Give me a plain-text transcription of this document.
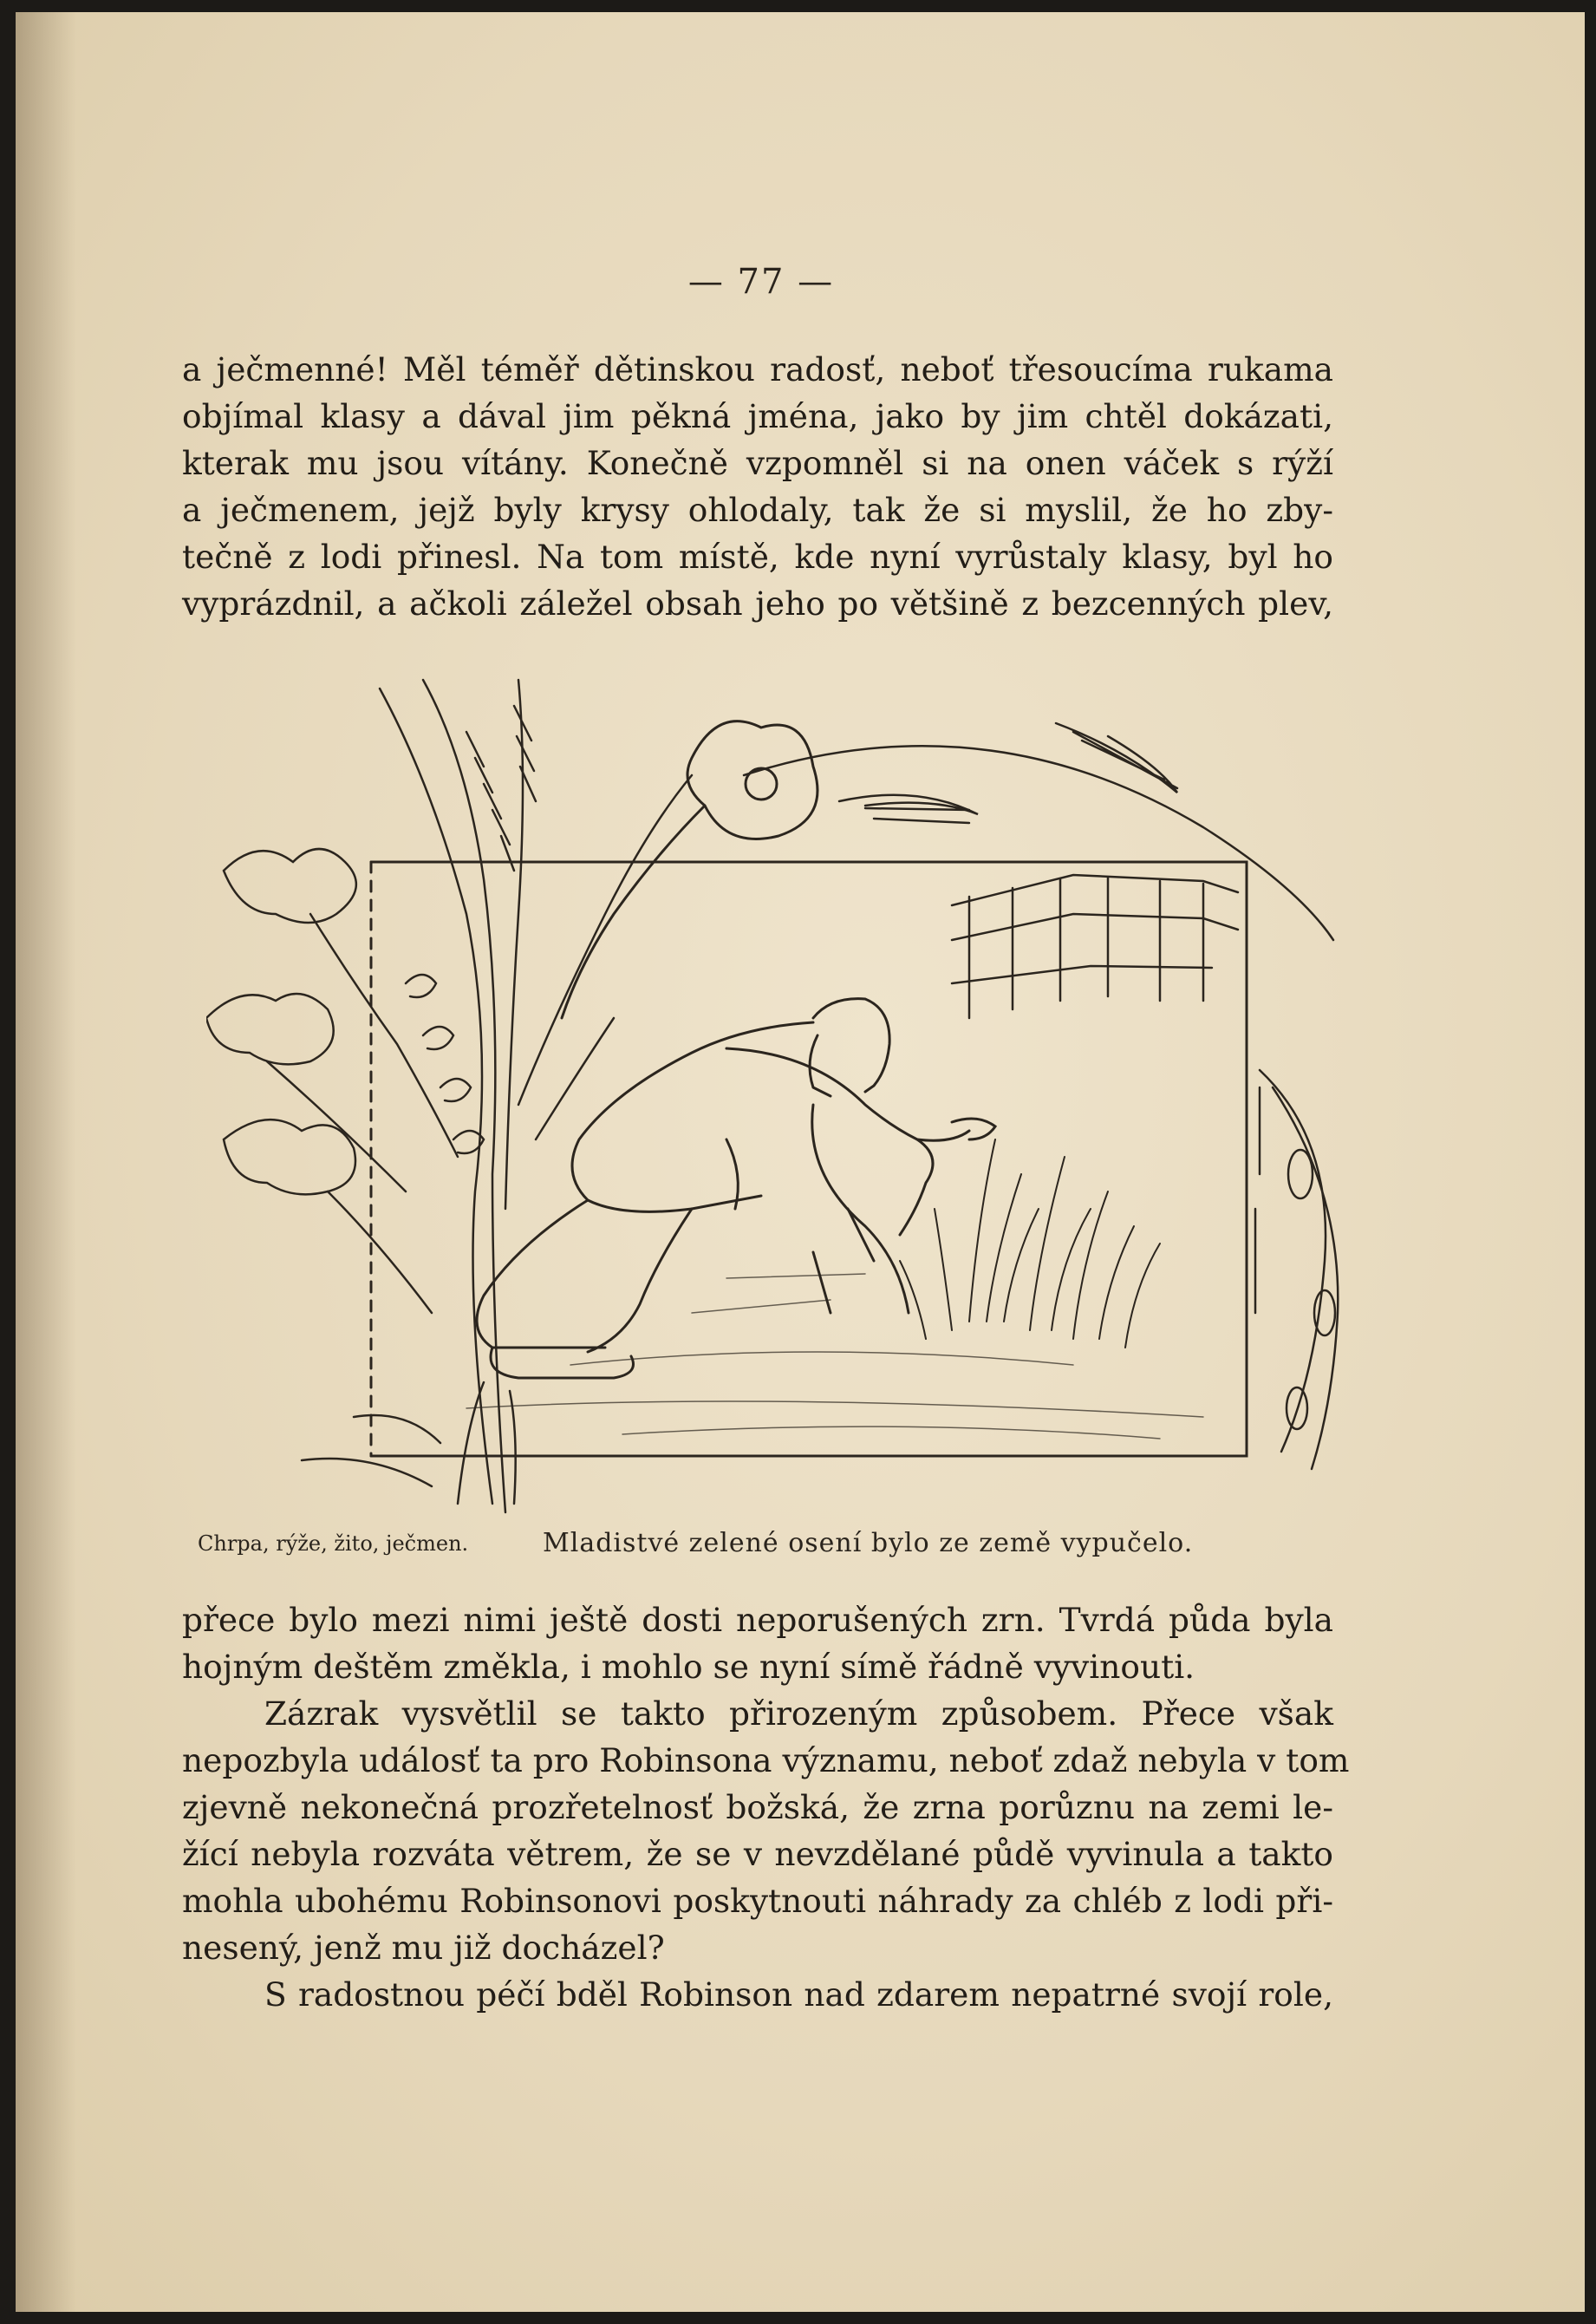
— 77 —
a ječmenné! Měl téměř dětinskou radosť, neboť třesoucíma rukama
objímal klasy a dával jim pěkná jména, jako by jim chtěl dokázati,
kterak mu jsou vítány. Konečně vzpomněl si na onen váček s rýží
a ječmenem, jejž byly krysy ohlodaly, tak že si myslil, že ho zby-
tečně z lodi přinesl. Na tom místě, kde nyní vyrůstaly klasy, byl ho
vyprázdnil, a ačkoli záležel obsah jeho po většině z bezcenných plev,
Chrpa, rýže, žito, ječmen.	Mladistvé zelené osení bylo ze země vypučelo.
přece bylo mezi nimi ještě dosti neporušených zrn. Tvrdá půda byla
hojným deštěm změkla, i mohlo se nyní símě řádně vyvinouti.
Zázrak vysvětlil se takto přirozeným způsobem. Přece však
nepozbyla událosť ta pro Robinsona významu, neboť zdaž nebyla v tom
zjevně nekonečná prozřetelnosť božská, že zrna porůznu na zemi le-
žící nebyla rozváta větrem, že se v nevzdělané půdě vyvinula a takto
mohla ubohému Robinsonovi poskytnouti náhrady za chléb z lodi při-
nesený, jenž mu již docházel?
S radostnou péčí bděl Robinson nad zdarem nepatrné svojí role,
